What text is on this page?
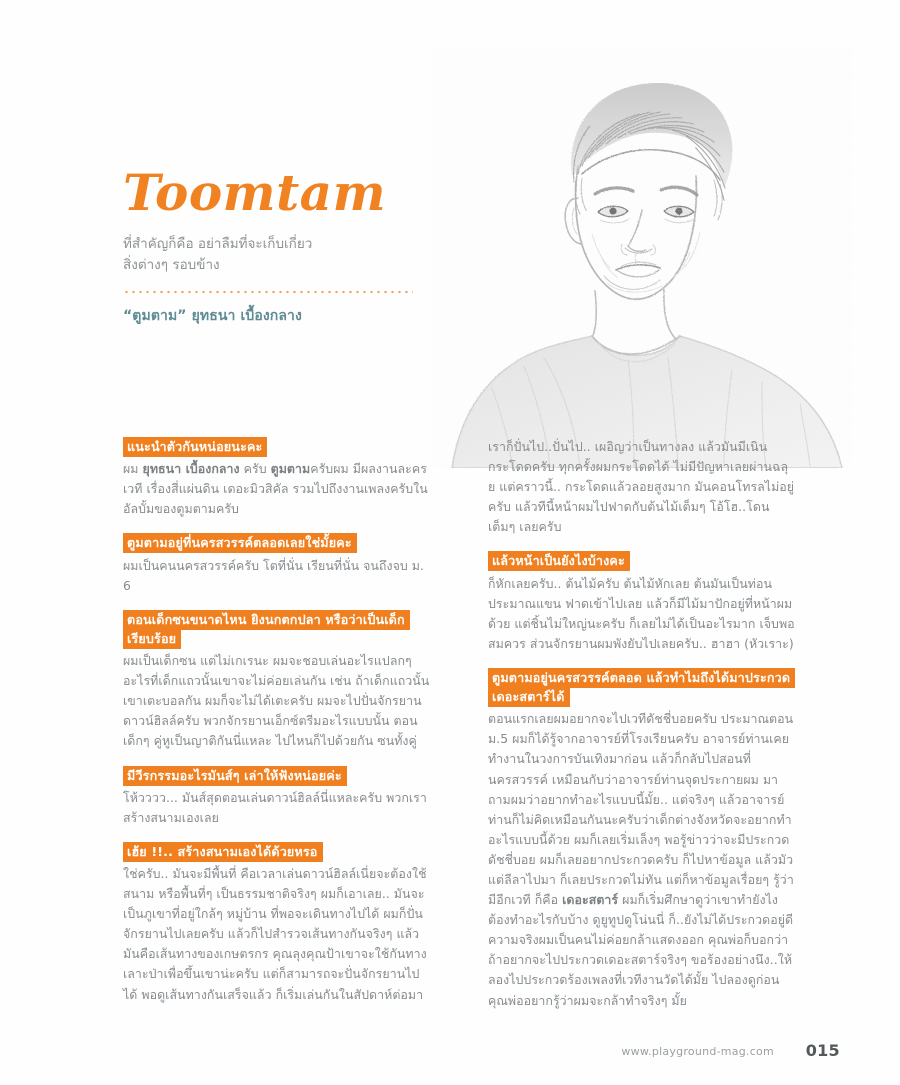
Toomtam

ที่สำคัญก็คือ อย่าลืมที่จะเก็บเกี่ยว
สิ่งต่างๆ รอบข้าง

“ตูมตาม” ยุทธนา เบื้องกลาง

แนะนำตัวกันหน่อยนะคะ

ผม ยุทธนา เบื้องกลาง ครับ ตูมตามครับผม มีผลงานละครเวที เรื่องสี่แผ่นดิน เดอะมิวสิคัล รวมไปถึงงานเพลงครับในอัลบั้มของตูมตามครับ

ตูมตามอยู่ที่นครสวรรค์ตลอดเลยใช่มั้ยคะ

ผมเป็นคนนครสวรรค์ครับ โตที่นั่น เรียนที่นั่น จนถึงจบ ม. 6

ตอนเด็กซนขนาดไหน ยิงนกตกปลา หรือว่าเป็นเด็กเรียบร้อย

ผมเป็นเด็กซน แต่ไม่เกเรนะ ผมจะชอบเล่นอะไรแปลกๆ อะไรที่เด็กแถวนั้นเขาจะไม่ค่อยเล่นกัน เช่น ถ้าเด็กแถวนั้นเขาเตะบอลกัน ผมก็จะไม่ได้เตะครับ ผมจะไปปั่นจักรยานดาวน์ฮิลล์ครับ พวกจักรยานเอ็กซ์ตรีมอะไรแบบนั้น ตอนเด็กๆ คู่หูเป็นญาติกันนี่แหละ ไปไหนก็ไปด้วยกัน ซนทั้งคู่

มีวีรกรรมอะไรมันส์ๆ เล่าให้ฟังหน่อยค่ะ

โห้วววว... มันส์สุดตอนเล่นดาวน์ฮิลล์นี่แหละครับ พวกเราสร้างสนามเองเลย

เฮ้ย !!.. สร้างสนามเองได้ด้วยหรอ

ใช่ครับ.. มันจะมีพื้นที่ คือเวลาเล่นดาวน์ฮิลล์เนี่ยจะต้องใช้สนาม หรือพื้นที่ๆ เป็นธรรมชาติจริงๆ ผมก็เอาเลย.. มันจะเป็นภูเขาที่อยู่ใกล้ๆ หมู่บ้าน ที่พอจะเดินทางไปได้ ผมก็ปั่นจักรยานไปเลยครับ แล้วก็ไปสำรวจเส้นทางกันจริงๆ แล้วมันคือเส้นทางของเกษตรกร คุณลุงคุณป้าเขาจะใช้กันทางเลาะป่าเพื่อขึ้นเขาน่ะครับ แต่ก็สามารถจะปั่นจักรยานไปได้ พอดูเส้นทางกันเสร็จแล้ว ก็เริ่มเล่นกันในสัปดาห์ต่อมา

เราก็ปั่นไป..ปั่นไป.. เผอิญว่าเป็นทางลง แล้วมันมีเนินกระโดดครับ ทุกครั้งผมกระโดดได้ ไม่มีปัญหาเลยผ่านฉลุย แต่คราวนี้.. กระโดดแล้วลอยสูงมาก มันคอนโทรลไม่อยู่ครับ แล้วทีนี้หน้าผมไปฟาดกับต้นไม้เต็มๆ โอ้โฮ..โดนเต็มๆ เลยครับ

แล้วหน้าเป็นยังไงบ้างคะ

ก็หักเลยครับ.. ต้นไม้ครับ ต้นไม้หักเลย ต้นมันเป็นท่อนประมาณแขน ฟาดเข้าไปเลย แล้วก็มีไม้มาปักอยู่ที่หน้าผมด้วย แต่ชิ้นไม่ใหญ่นะครับ ก็เลยไม่ได้เป็นอะไรมาก เจ็บพอสมควร ส่วนจักรยานผมพังยับไปเลยครับ.. ฮาฮา (หัวเราะ)

ตูมตามอยู่นครสวรรค์ตลอด แล้วทำไมถึงได้มาประกวดเดอะสตาร์ได้

ตอนแรกเลยผมอยากจะไปเวทีดัชชี่บอยครับ ประมาณตอน ม.5 ผมก็ได้รู้จากอาจารย์ที่โรงเรียนครับ อาจารย์ท่านเคยทำงานในวงการบันเทิงมาก่อน แล้วก็กลับไปสอนที่นครสวรรค์ เหมือนกับว่าอาจารย์ท่านจุดประกายผม มาถามผมว่าอยากทำอะไรแบบนี้มั้ย.. แต่จริงๆ แล้วอาจารย์ท่านก็ไม่คิดเหมือนกันนะครับว่าเด็กต่างจังหวัดจะอยากทำอะไรแบบนี้ด้วย ผมก็เลยเริ่มเล็งๆ พอรู้ข่าวว่าจะมีประกวดดัชชี่บอย ผมก็เลยอยากประกวดครับ ก็ไปหาข้อมูล แล้วมัวแต่ลีลาไปมา ก็เลยประกวดไม่ทัน แต่ก็หาข้อมูลเรื่อยๆ รู้ว่ามีอีกเวที ก็คือ เดอะสตาร์ ผมก็เริ่มศึกษาดูว่าเขาทำยังไง ต้องทำอะไรกับบ้าง ดูยูทูปดูโน่นนี่ ก็..ยังไม่ได้ประกวดอยู่ดี ความจริงผมเป็นคนไม่ค่อยกล้าแสดงออก คุณพ่อก็บอกว่าถ้าอยากจะไปประกวดเดอะสตาร์จริงๆ ขอร้องอย่างนึง..ให้ลองไปประกวดร้องเพลงที่เวทีงานวัดได้มั้ย ไปลองดูก่อน คุณพ่ออยากรู้ว่าผมจะกล้าทำจริงๆ มั้ย

www.playground-mag.com 015
